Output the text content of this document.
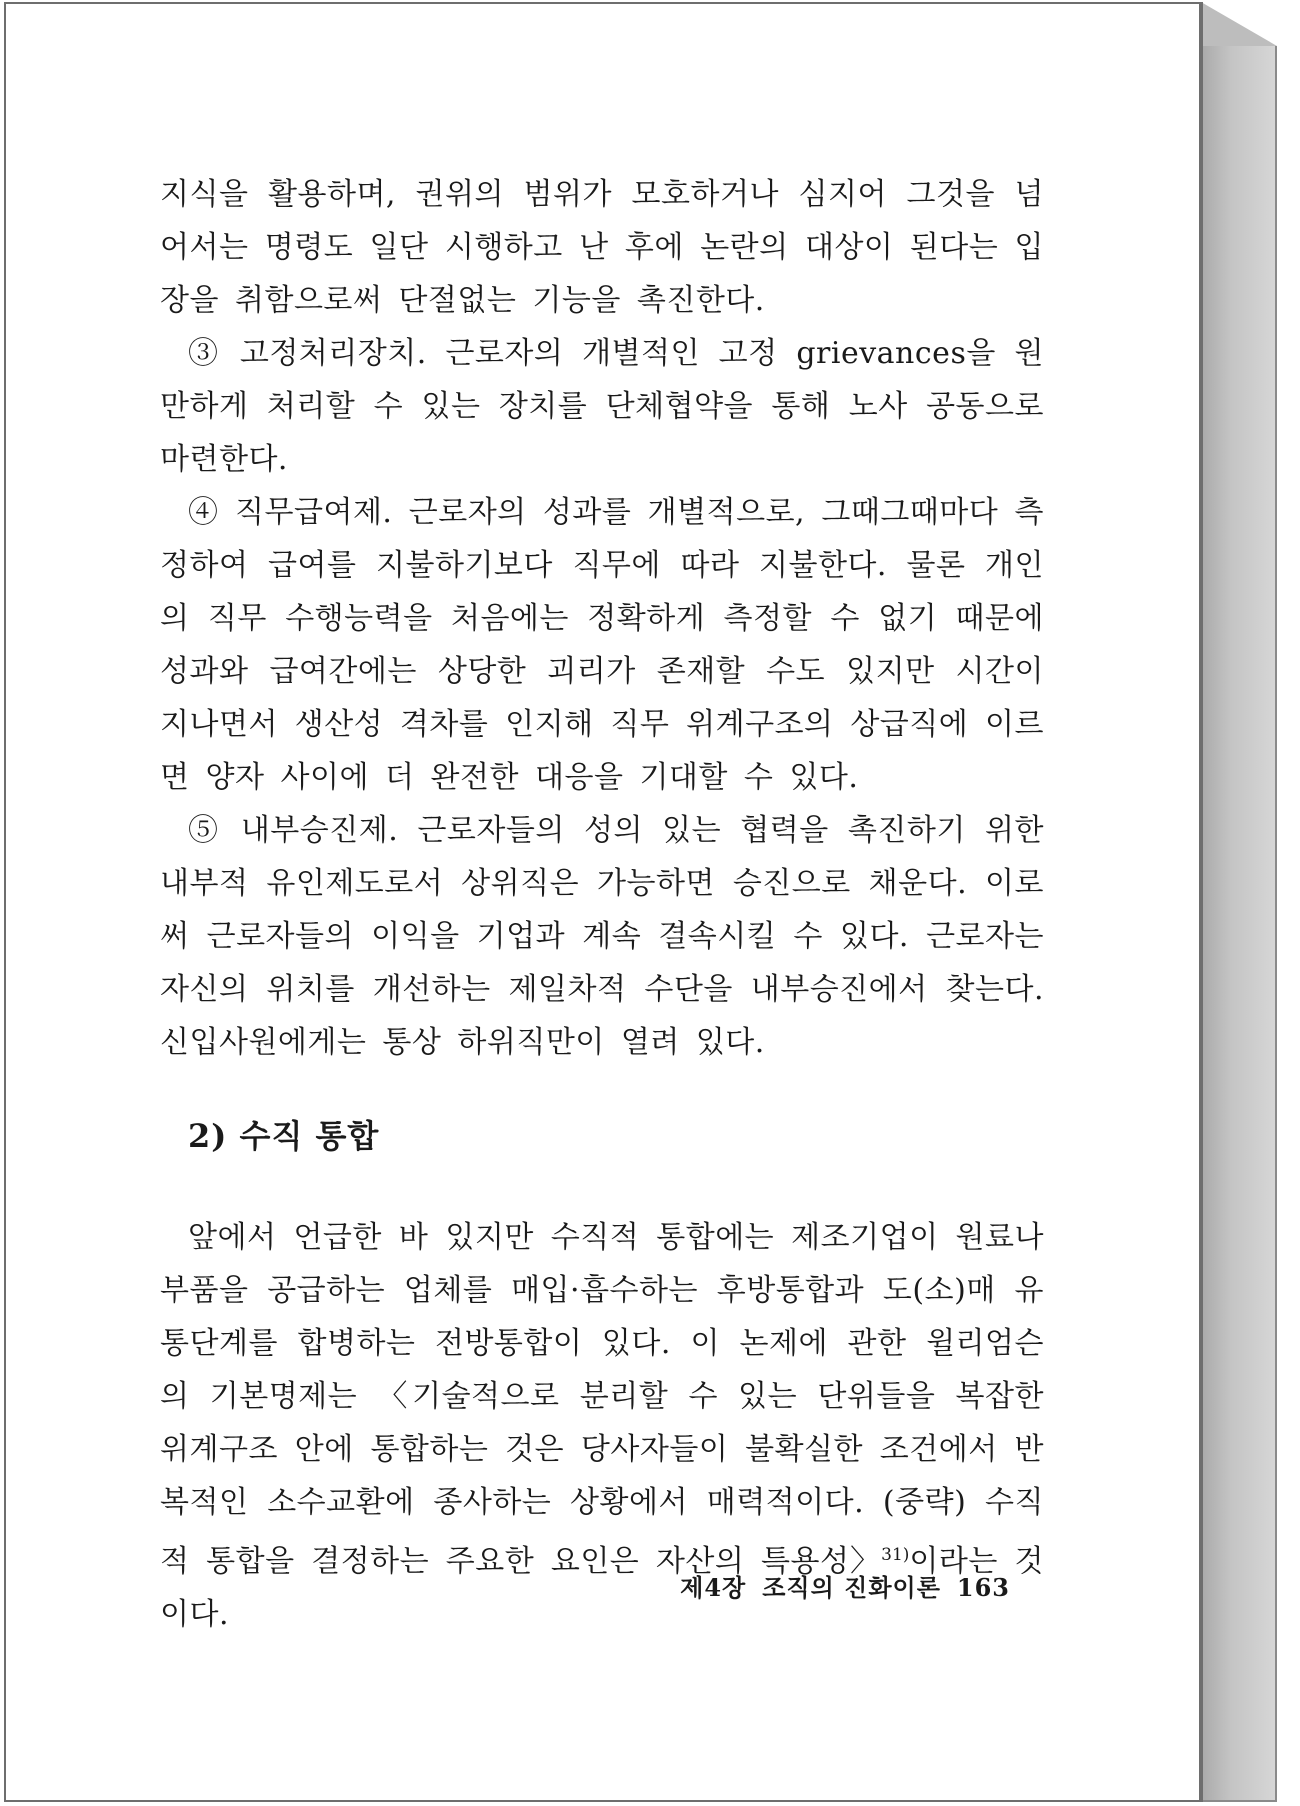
지식을 활용하며, 권위의 범위가 모호하거나 심지어 그것을 넘어서는 명령도 일단 시행하고 난 후에 논란의 대상이 된다는 입장을 취함으로써 단절없는 기능을 촉진한다.

③ 고정처리장치. 근로자의 개별적인 고정 grievances을 원만하게 처리할 수 있는 장치를 단체협약을 통해 노사 공동으로 마련한다.

④ 직무급여제. 근로자의 성과를 개별적으로, 그때그때마다 측정하여 급여를 지불하기보다 직무에 따라 지불한다. 물론 개인의 직무 수행능력을 처음에는 정확하게 측정할 수 없기 때문에 성과와 급여간에는 상당한 괴리가 존재할 수도 있지만 시간이 지나면서 생산성 격차를 인지해 직무 위계구조의 상급직에 이르면 양자 사이에 더 완전한 대응을 기대할 수 있다.

⑤ 내부승진제. 근로자들의 성의 있는 협력을 촉진하기 위한 내부적 유인제도로서 상위직은 가능하면 승진으로 채운다. 이로써 근로자들의 이익을 기업과 계속 결속시킬 수 있다. 근로자는 자신의 위치를 개선하는 제일차적 수단을 내부승진에서 찾는다. 신입사원에게는 통상 하위직만이 열려 있다.

2) 수직 통합

앞에서 언급한 바 있지만 수직적 통합에는 제조기업이 원료나 부품을 공급하는 업체를 매입·흡수하는 후방통합과 도(소)매 유통단계를 합병하는 전방통합이 있다. 이 논제에 관한 윌리엄슨의 기본명제는 〈기술적으로 분리할 수 있는 단위들을 복잡한 위계구조 안에 통합하는 것은 당사자들이 불확실한 조건에서 반복적인 소수교환에 종사하는 상황에서 매력적이다. (중략) 수직적 통합을 결정하는 주요한 요인은 자산의 특용성〉$^{31)}$이라는 것이다.

제4장 조직의 진화이론 163
